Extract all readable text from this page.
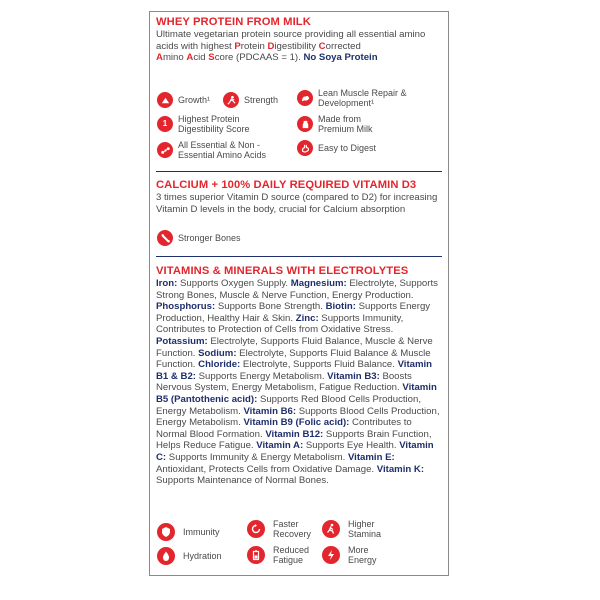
WHEY PROTEIN FROM MILK
Ultimate vegetarian protein source providing all essential amino acids with highest Protein Digestibility Corrected
Amino Acid Score (PDCAAS = 1). No Soya Protein
Growth¹	Strength
Lean Muscle Repair & Development¹
1	Highest Protein Digestibility Score
Made from Premium Milk
All Essential & Non - Essential Amino Acids
Easy to Digest
CALCIUM + 100% DAILY REQUIRED VITAMIN D3
3 times superior Vitamin D source (compared to D2) for increasing Vitamin D levels in the body, crucial for Calcium absorption
Stronger Bones
VITAMINS & MINERALS WITH ELECTROLYTES
Iron: Supports Oxygen Supply. Magnesium: Electrolyte, Supports Strong Bones, Muscle & Nerve Function, Energy Production. Phosphorus: Supports Bone Strength. Biotin: Supports Energy Production, Healthy Hair & Skin. Zinc: Supports Immunity, Contributes to Protection of Cells from Oxidative Stress. Potassium: Electrolyte, Supports Fluid Balance, Muscle & Nerve Function. Sodium: Electrolyte, Supports Fluid Balance & Muscle Function. Chloride: Electrolyte, Supports Fluid Balance. Vitamin B1 & B2: Supports Energy Metabolism. Vitamin B3: Boosts Nervous System, Energy Metabolism, Fatigue Reduction. Vitamin B5 (Pantothenic acid): Supports Red Blood Cells Production, Energy Metabolism. Vitamin B6: Supports Blood Cells Production, Energy Metabolism. Vitamin B9 (Folic acid): Contributes to Normal Blood Formation. Vitamin B12: Supports Brain Function, Helps Reduce Fatigue. Vitamin A: Supports Eye Health. Vitamin C: Supports Immunity & Energy Metabolism. Vitamin E: Antioxidant, Protects Cells from Oxidative Damage. Vitamin K: Supports Maintenance of Normal Bones.
Immunity
Faster Recovery
Higher Stamina
Hydration
Reduced Fatigue
More Energy
